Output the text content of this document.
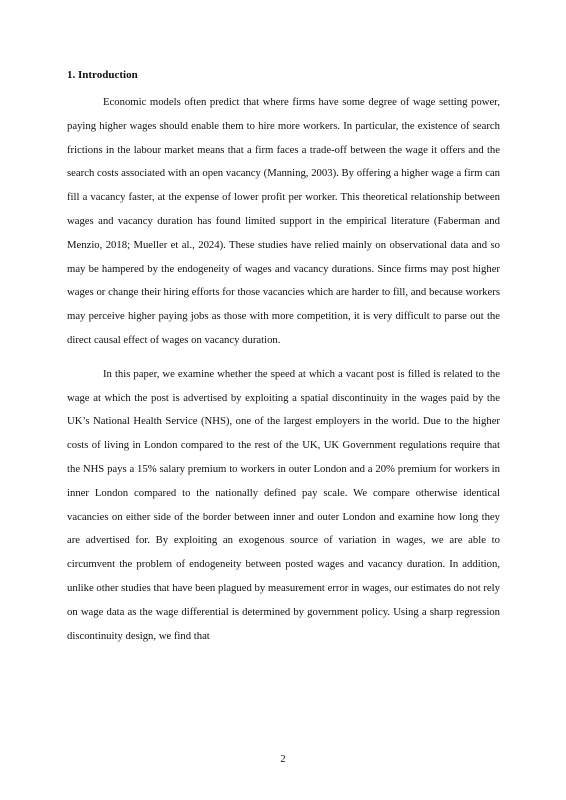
1. Introduction

Economic models often predict that where firms have some degree of wage setting power, paying higher wages should enable them to hire more workers. In particular, the existence of search frictions in the labour market means that a firm faces a trade-off between the wage it offers and the search costs associated with an open vacancy (Manning, 2003). By offering a higher wage a firm can fill a vacancy faster, at the expense of lower profit per worker. This theoretical relationship between wages and vacancy duration has found limited support in the empirical literature (Faberman and Menzio, 2018; Mueller et al., 2024). These studies have relied mainly on observational data and so may be hampered by the endogeneity of wages and vacancy durations. Since firms may post higher wages or change their hiring efforts for those vacancies which are harder to fill, and because workers may perceive higher paying jobs as those with more competition, it is very difficult to parse out the direct causal effect of wages on vacancy duration.

In this paper, we examine whether the speed at which a vacant post is filled is related to the wage at which the post is advertised by exploiting a spatial discontinuity in the wages paid by the UK’s National Health Service (NHS), one of the largest employers in the world. Due to the higher costs of living in London compared to the rest of the UK, UK Government regulations require that the NHS pays a 15% salary premium to workers in outer London and a 20% premium for workers in inner London compared to the nationally defined pay scale. We compare otherwise identical vacancies on either side of the border between inner and outer London and examine how long they are advertised for. By exploiting an exogenous source of variation in wages, we are able to circumvent the problem of endogeneity between posted wages and vacancy duration. In addition, unlike other studies that have been plagued by measurement error in wages, our estimates do not rely on wage data as the wage differential is determined by government policy. Using a sharp regression discontinuity design, we find that

2
